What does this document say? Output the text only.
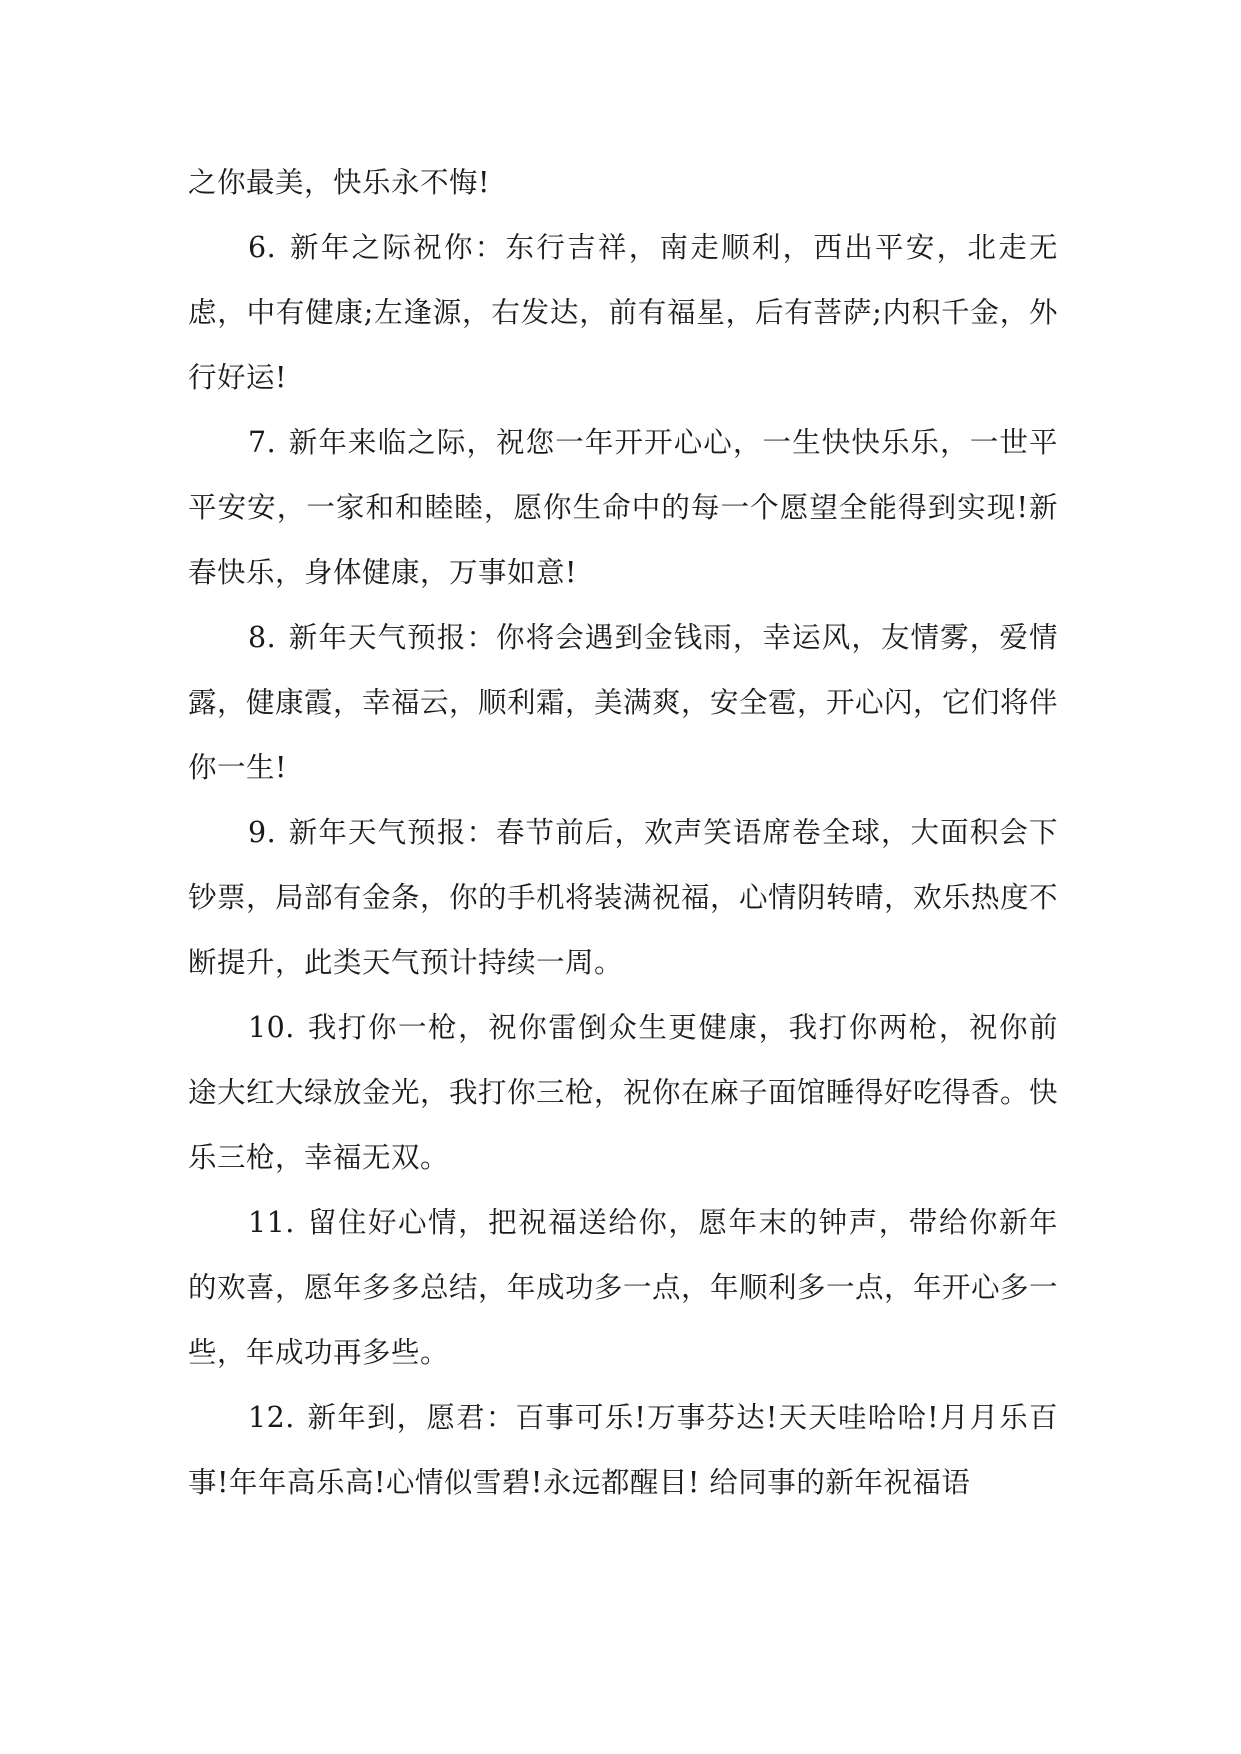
之你最美，快乐永不悔!

6. 新年之际祝你：东行吉祥，南走顺利，西出平安，北走无虑，中有健康;左逢源，右发达，前有福星，后有菩萨;内积千金，外行好运!

7. 新年来临之际，祝您一年开开心心，一生快快乐乐，一世平平安安，一家和和睦睦，愿你生命中的每一个愿望全能得到实现!新春快乐，身体健康，万事如意!

8. 新年天气预报：你将会遇到金钱雨，幸运风，友情雾，爱情露，健康霞，幸福云，顺利霜，美满爽，安全雹，开心闪，它们将伴你一生!

9. 新年天气预报：春节前后，欢声笑语席卷全球，大面积会下钞票，局部有金条，你的手机将装满祝福，心情阴转晴，欢乐热度不断提升，此类天气预计持续一周。

10. 我打你一枪，祝你雷倒众生更健康，我打你两枪，祝你前途大红大绿放金光，我打你三枪，祝你在麻子面馆睡得好吃得香。快乐三枪，幸福无双。

11. 留住好心情，把祝福送给你，愿年末的钟声，带给你新年的欢喜，愿年多多总结，年成功多一点，年顺利多一点，年开心多一些，年成功再多些。

12. 新年到，愿君：百事可乐!万事芬达!天天哇哈哈!月月乐百事!年年高乐高!心情似雪碧!永远都醒目! 给同事的新年祝福语
